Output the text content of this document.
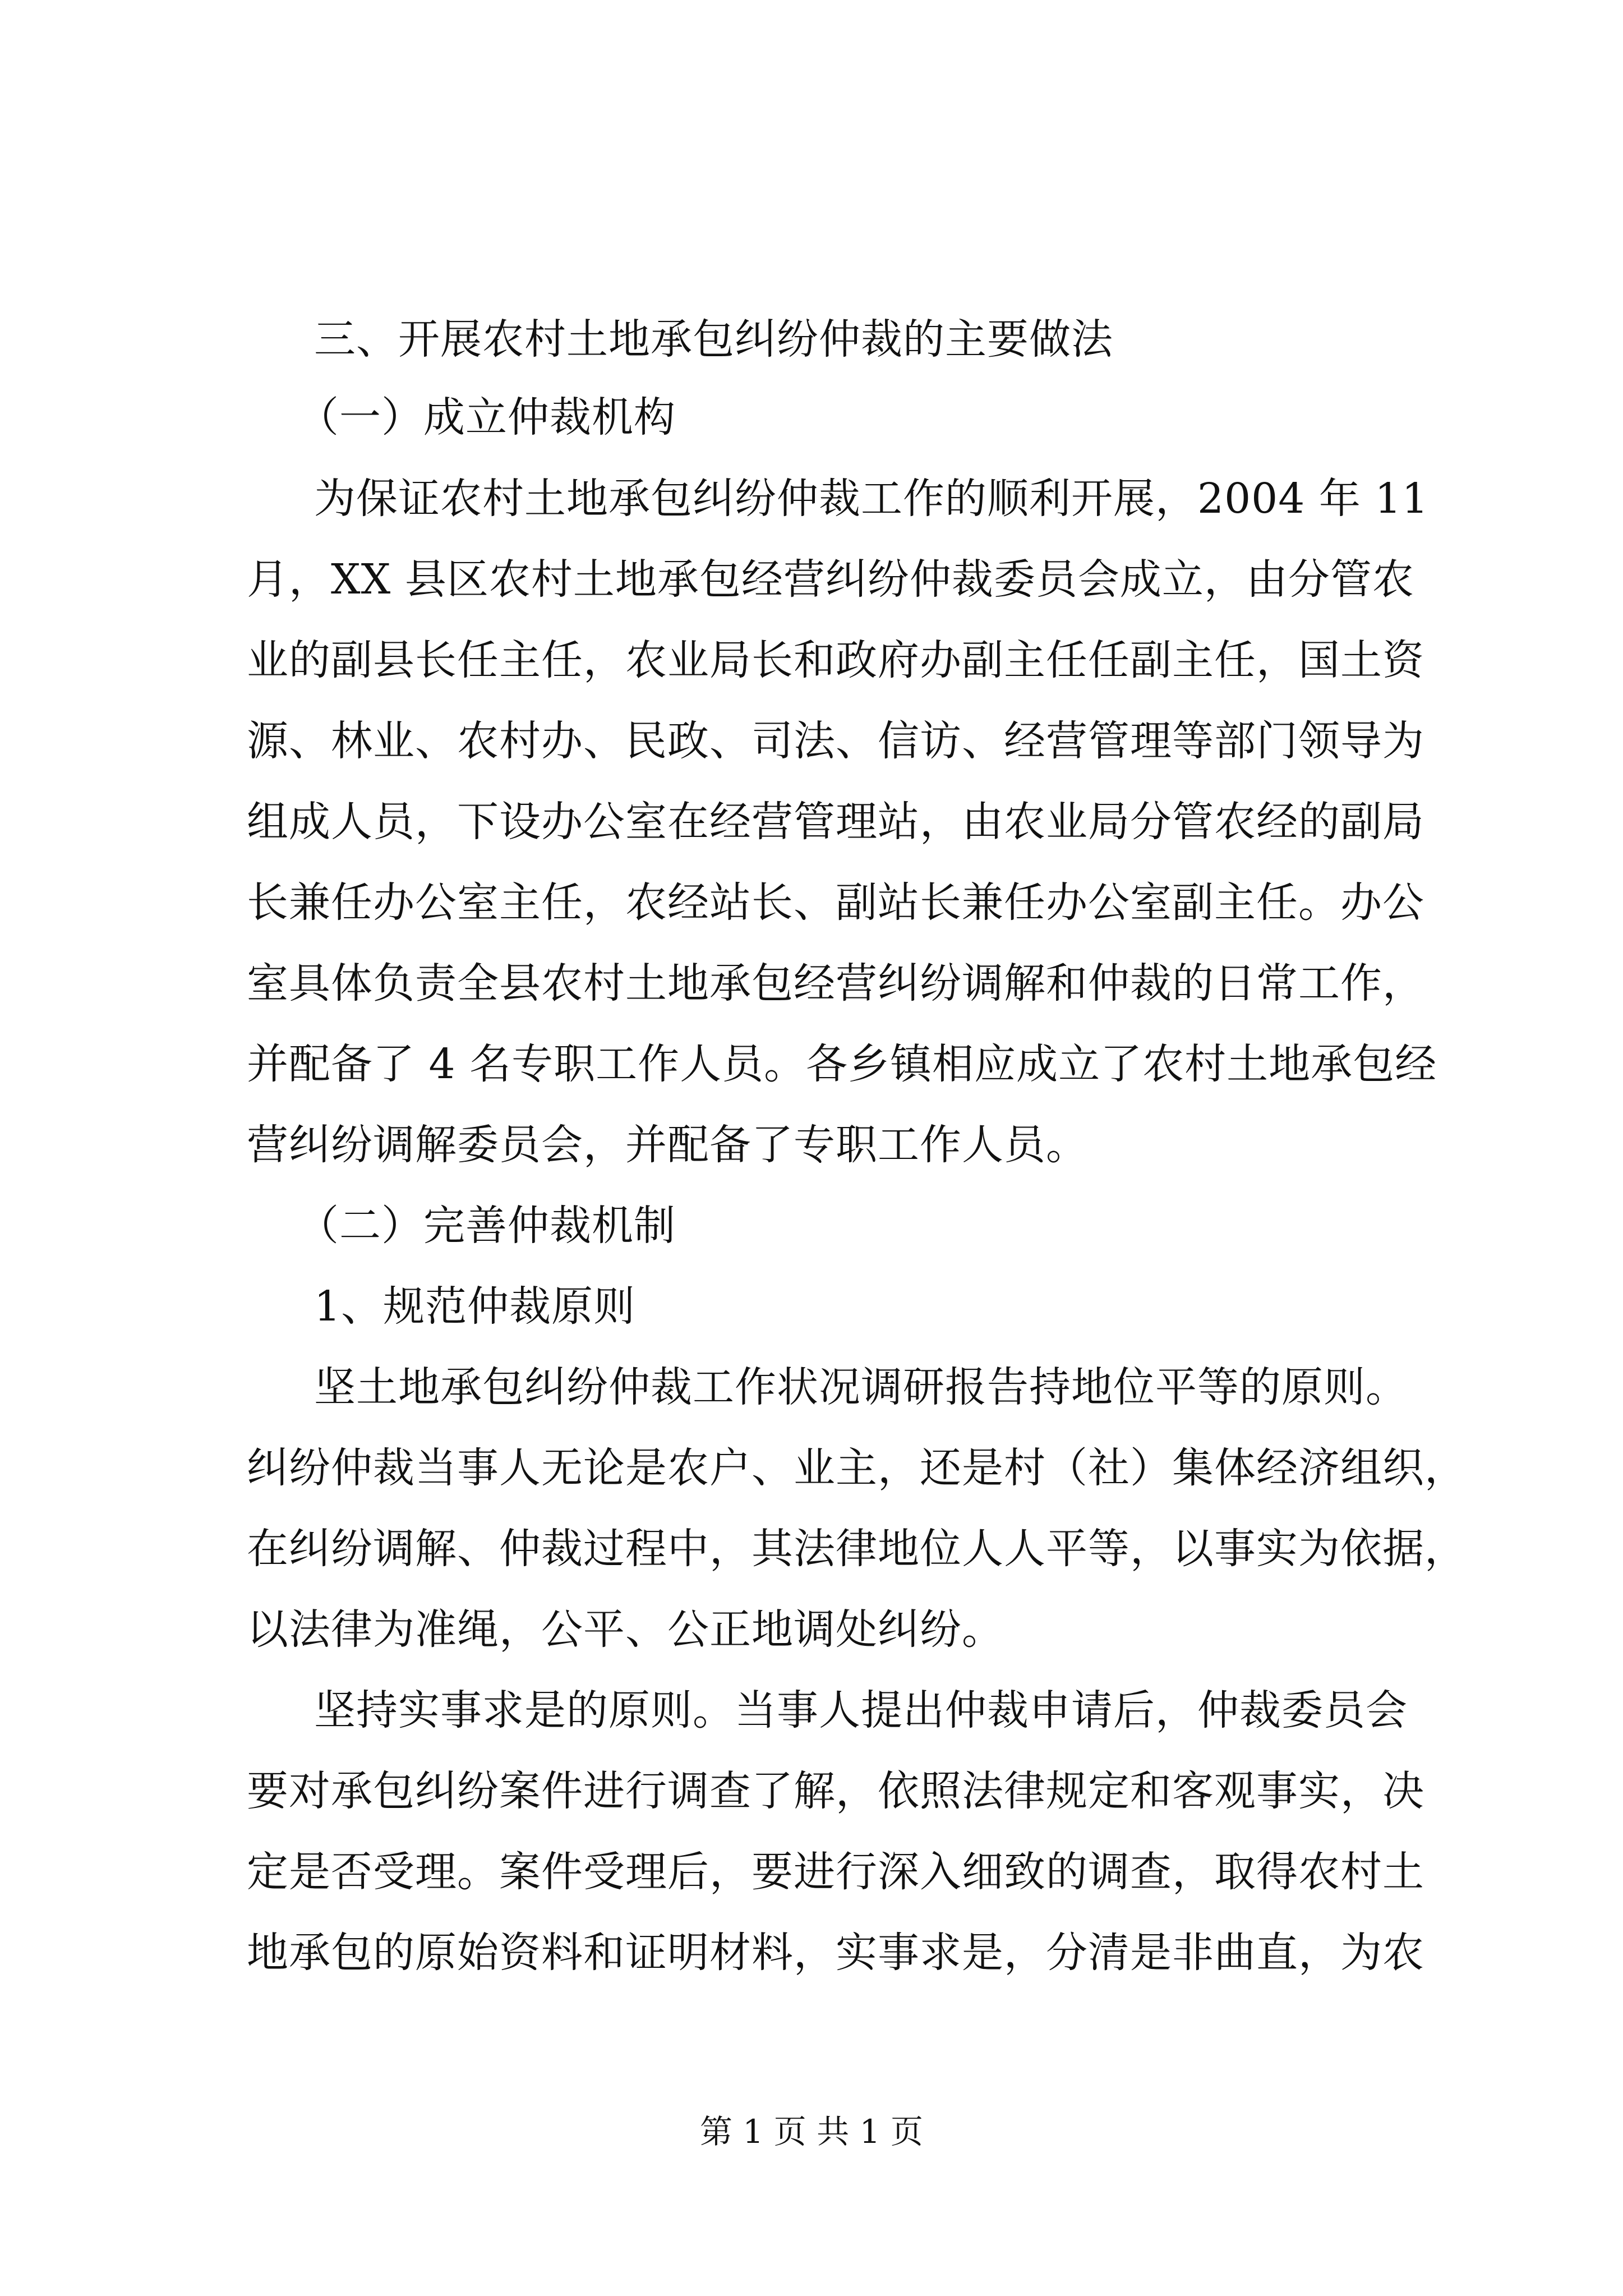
三、开展农村土地承包纠纷仲裁的主要做法
（一）成立仲裁机构
为保证农村土地承包纠纷仲裁工作的顺利开展，2004 年 11
月，XX 县区农村土地承包经营纠纷仲裁委员会成立，由分管农
业的副县长任主任，农业局长和政府办副主任任副主任，国土资
源、林业、农村办、民政、司法、信访、经营管理等部门领导为
组成人员，下设办公室在经营管理站，由农业局分管农经的副局
长兼任办公室主任，农经站长、副站长兼任办公室副主任。办公
室具体负责全县农村土地承包经营纠纷调解和仲裁的日常工作，
并配备了 4 名专职工作人员。各乡镇相应成立了农村土地承包经
营纠纷调解委员会，并配备了专职工作人员。
（二）完善仲裁机制
1、规范仲裁原则
坚土地承包纠纷仲裁工作状况调研报告持地位平等的原则。
纠纷仲裁当事人无论是农户、业主，还是村（社）集体经济组织，
在纠纷调解、仲裁过程中，其法律地位人人平等，以事实为依据，
以法律为准绳，公平、公正地调处纠纷。
坚持实事求是的原则。当事人提出仲裁申请后，仲裁委员会
要对承包纠纷案件进行调查了解，依照法律规定和客观事实，决
定是否受理。案件受理后，要进行深入细致的调查，取得农村土
地承包的原始资料和证明材料，实事求是，分清是非曲直，为农
第 1 页 共 1 页
